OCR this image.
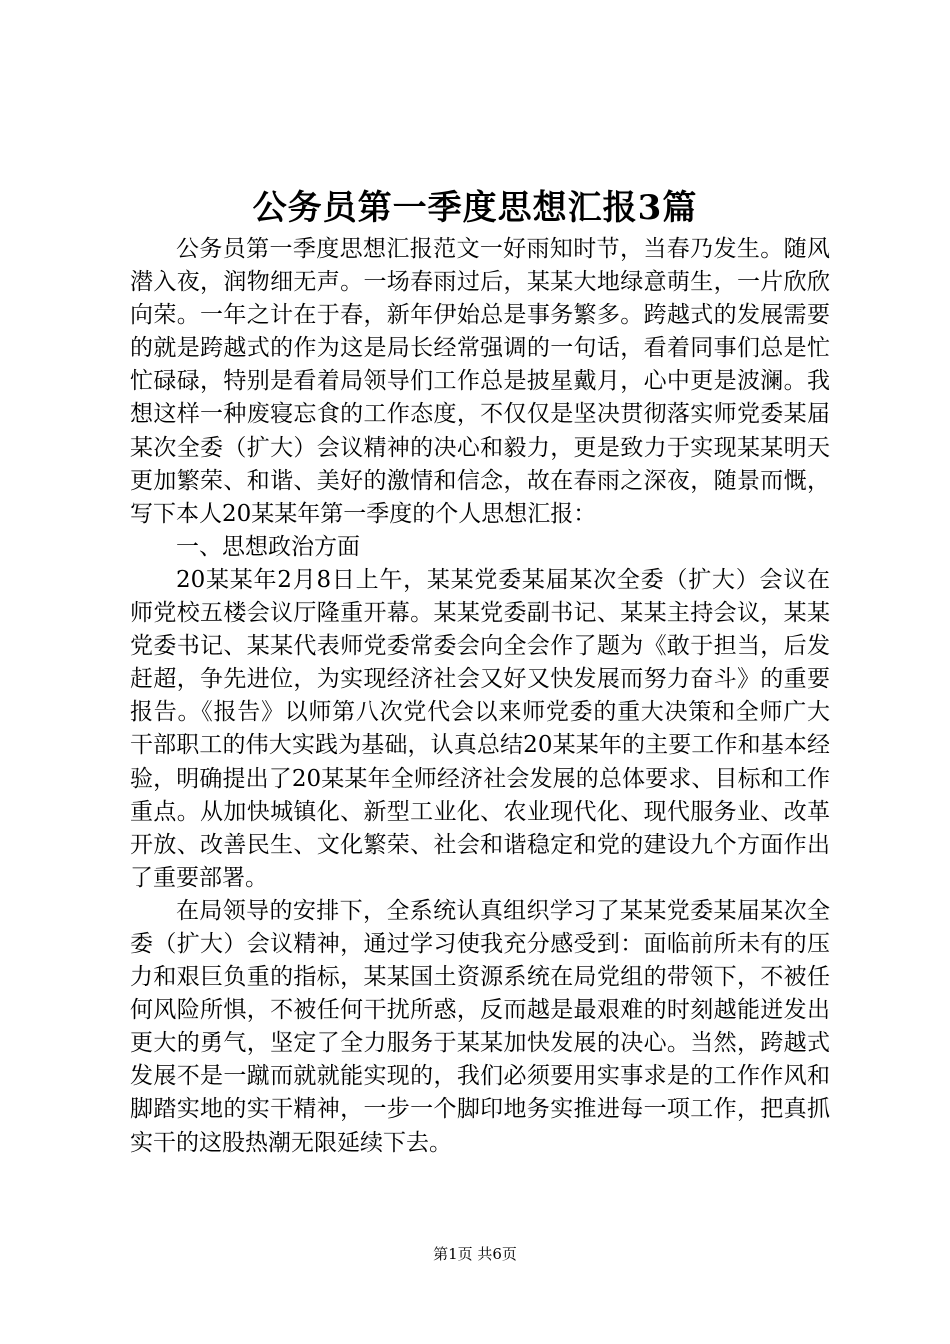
公务员第一季度思想汇报3篇

公务员第一季度思想汇报范文一好雨知时节，当春乃发生。随风潜入夜，润物细无声。一场春雨过后，某某大地绿意萌生，一片欣欣向荣。一年之计在于春，新年伊始总是事务繁多。跨越式的发展需要的就是跨越式的作为这是局长经常强调的一句话，看着同事们总是忙忙碌碌，特别是看着局领导们工作总是披星戴月，心中更是波澜。我想这样一种废寝忘食的工作态度，不仅仅是坚决贯彻落实师党委某届某次全委（扩大）会议精神的决心和毅力，更是致力于实现某某明天更加繁荣、和谐、美好的激情和信念，故在春雨之深夜，随景而慨，写下本人20某某年第一季度的个人思想汇报：

一、思想政治方面

20某某年2月8日上午，某某党委某届某次全委（扩大）会议在师党校五楼会议厅隆重开幕。某某党委副书记、某某主持会议，某某党委书记、某某代表师党委常委会向全会作了题为《敢于担当，后发赶超，争先进位，为实现经济社会又好又快发展而努力奋斗》的重要报告。《报告》以师第八次党代会以来师党委的重大决策和全师广大干部职工的伟大实践为基础，认真总结20某某年的主要工作和基本经验，明确提出了20某某年全师经济社会发展的总体要求、目标和工作重点。从加快城镇化、新型工业化、农业现代化、现代服务业、改革开放、改善民生、文化繁荣、社会和谐稳定和党的建设九个方面作出了重要部署。

在局领导的安排下，全系统认真组织学习了某某党委某届某次全委（扩大）会议精神，通过学习使我充分感受到：面临前所未有的压力和艰巨负重的指标，某某国土资源系统在局党组的带领下，不被任何风险所惧，不被任何干扰所惑，反而越是最艰难的时刻越能迸发出更大的勇气，坚定了全力服务于某某加快发展的决心。当然，跨越式发展不是一蹴而就就能实现的，我们必须要用实事求是的工作作风和脚踏实地的实干精神，一步一个脚印地务实推进每一项工作，把真抓实干的这股热潮无限延续下去。

第1页 共6页
